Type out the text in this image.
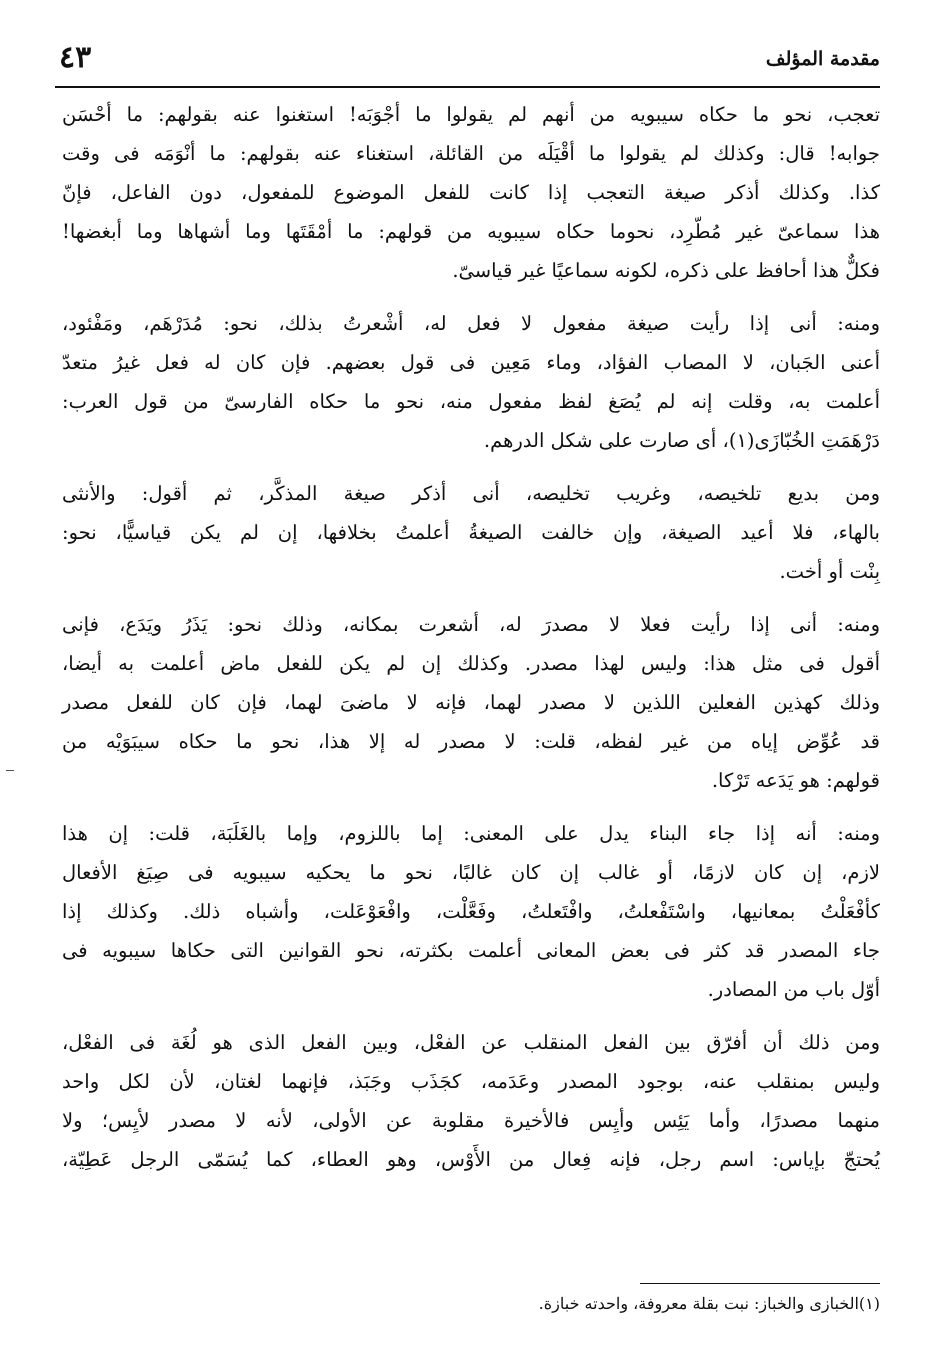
٤٣	مقدمة المؤلف

تعجب، نحو ما حكاه سيبويه من أنهم لم يقولوا ما أجْوَبَه! استغنوا عنه بقولهم: ما أحْسَن
جوابه! قال: وكذلك لم يقولوا ما أقْيَلَه من القائلة، استغناء عنه بقولهم: ما أنْوَمَه فى وقت
كذا. وكذلك أذكر صيغة التعجب إذا كانت للفعل الموضوع للمفعول، دون الفاعل، فإنّ
هذا سماعىّ غير مُطّرِد، نحوما حكاه سيبويه من قولهم: ما أمْقَتَها وما أشهاها وما أبغضها!
فكلٌّ هذا أحافظ على ذكره، لكونه سماعيًا غير قياسىّ.

ومنه: أنى إذا رأيت صيغة مفعول لا فعل له، أشْعرتُ بذلك، نحو: مُدَرْهَم، ومَفْئود،
أعنى الجَبان، لا المصاب الفؤاد، وماء مَعِين فى قول بعضهم. فإن كان له فعل غيرُ متعدّ
أعلمت به، وقلت إنه لم يُصَغ لفظ مفعول منه، نحو ما حكاه الفارسىّ من قول العرب:
دَرْهَمَتِ الخُبّازَى(١)، أى صارت على شكل الدرهم.

ومن بديع تلخيصه، وغريب تخليصه، أنى أذكر صيغة المذكَّر، ثم أقول: والأنثى
بالهاء، فلا أعيد الصيغة، وإن خالفت الصيغةُ أعلمتُ بخلافها، إن لم يكن قياسيًّا، نحو:
بِنْت أو أخت.

ومنه: أنى إذا رأيت فعلا لا مصدرَ له، أشعرت بمكانه، وذلك نحو: يَذَرُ ويَدَع، فإنى
أقول فى مثل هذا: وليس لهذا مصدر. وكذلك إن لم يكن للفعل ماض أعلمت به أيضا،
وذلك كهذين الفعلين اللذين لا مصدر لهما، فإنه لا ماضىَ لهما، فإن كان للفعل مصدر
قد عُوِّض إياه من غير لفظه، قلت: لا مصدر له إلا هذا، نحو ما حكاه سيبَوَيْه من
قولهم: هو يَدَعه تَرْكا.

ومنه: أنه إذا جاء البناء يدل على المعنى: إما باللزوم، وإما بالغَلَبَة، قلت: إن هذا
لازم، إن كان لازمًا، أو غالب إن كان غالبًا، نحو ما يحكيه سيبويه فى صِيَغ الأفعال
كأفْعَلْتُ بمعانيها، واسْتَفْعلتُ، وافْتَعلتُ، وفَعَّلْت، وافْعَوْعَلت، وأشباه ذلك. وكذلك إذا
جاء المصدر قد كثر فى بعض المعانى أعلمت بكثرته، نحو القوانين التى حكاها سيبويه فى
أوّل باب من المصادر.

ومن ذلك أن أفرّق بين الفعل المنقلب عن الفعْل، وبين الفعل الذى هو لُغَة فى الفعْل،
وليس بمنقلب عنه، بوجود المصدر وعَدَمه، كجَذَب وجَبَذ، فإنهما لغتان، لأن لكل واحد
منهما مصدرًا، وأما يَئِس وأيِس فالأخيرة مقلوبة عن الأولى، لأنه لا مصدر لأيِس؛ ولا
يُحتجّ بإياس: اسم رجل، فإنه فِعال من الأَوْس، وهو العطاء، كما يُسَمّى الرجل عَطِيّة،

(١)الخبازى والخباز: نبت بقلة معروفة، واحدته خبازة.
